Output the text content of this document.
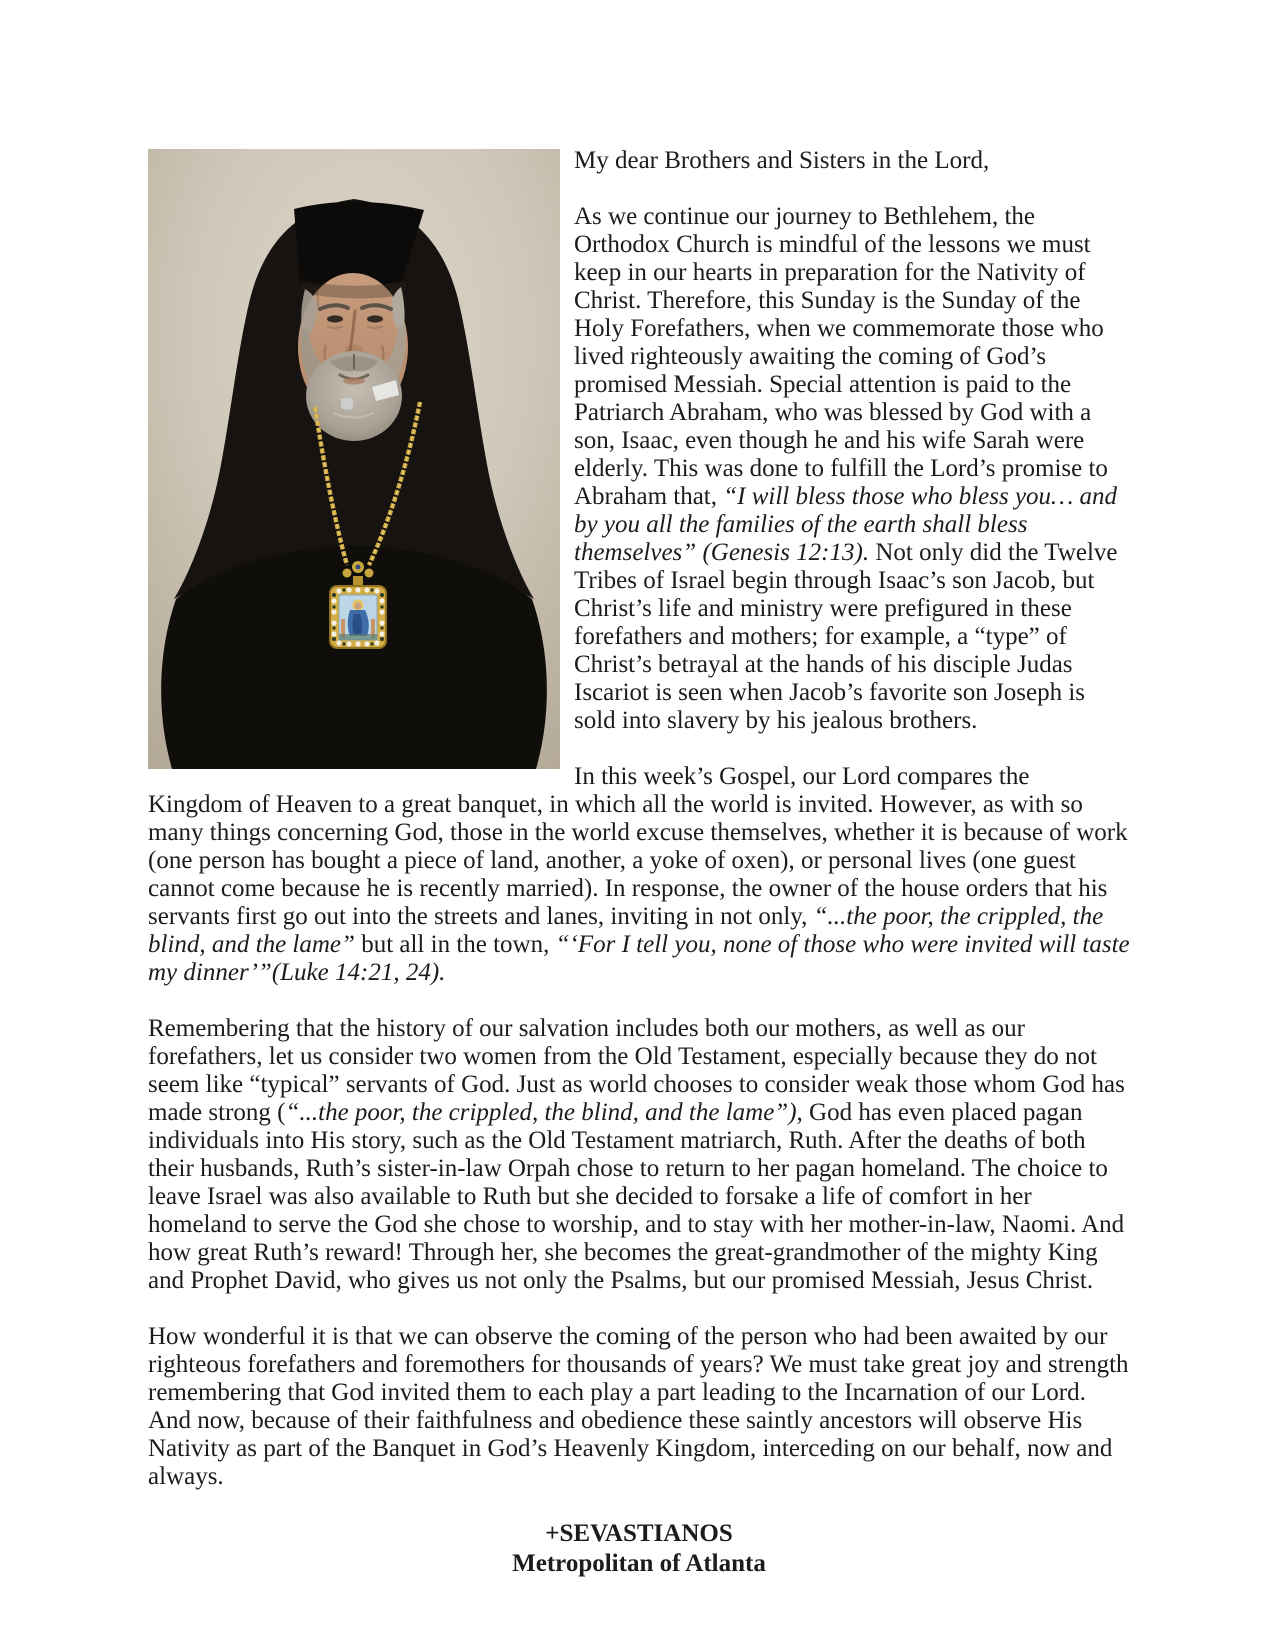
My dear Brothers and Sisters in the Lord,

As we continue our journey to Bethlehem, the Orthodox Church is mindful of the lessons we must keep in our hearts in preparation for the Nativity of Christ. Therefore, this Sunday is the Sunday of the Holy Forefathers, when we commemorate those who lived righteously awaiting the coming of God’s promised Messiah. Special attention is paid to the Patriarch Abraham, who was blessed by God with a son, Isaac, even though he and his wife Sarah were elderly. This was done to fulfill the Lord’s promise to Abraham that, “I will bless those who bless you… and by you all the families of the earth shall bless themselves” (Genesis 12:13). Not only did the Twelve Tribes of Israel begin through Isaac’s son Jacob, but Christ’s life and ministry were prefigured in these forefathers and mothers; for example, a “type” of Christ’s betrayal at the hands of his disciple Judas Iscariot is seen when Jacob’s favorite son Joseph is sold into slavery by his jealous brothers.

In this week’s Gospel, our Lord compares the Kingdom of Heaven to a great banquet, in which all the world is invited. However, as with so many things concerning God, those in the world excuse themselves, whether it is because of work (one person has bought a piece of land, another, a yoke of oxen), or personal lives (one guest cannot come because he is recently married). In response, the owner of the house orders that his servants first go out into the streets and lanes, inviting in not only, “...the poor, the crippled, the blind, and the lame” but all in the town, “‘For I tell you, none of those who were invited will taste my dinner’”(Luke 14:21, 24).

Remembering that the history of our salvation includes both our mothers, as well as our forefathers, let us consider two women from the Old Testament, especially because they do not seem like “typical” servants of God. Just as world chooses to consider weak those whom God has made strong (“...the poor, the crippled, the blind, and the lame”), God has even placed pagan individuals into His story, such as the Old Testament matriarch, Ruth. After the deaths of both their husbands, Ruth’s sister-in-law Orpah chose to return to her pagan homeland. The choice to leave Israel was also available to Ruth but she decided to forsake a life of comfort in her homeland to serve the God she chose to worship, and to stay with her mother-in-law, Naomi. And how great Ruth’s reward! Through her, she becomes the great-grandmother of the mighty King and Prophet David, who gives us not only the Psalms, but our promised Messiah, Jesus Christ.

How wonderful it is that we can observe the coming of the person who had been awaited by our righteous forefathers and foremothers for thousands of years? We must take great joy and strength remembering that God invited them to each play a part leading to the Incarnation of our Lord. And now, because of their faithfulness and obedience these saintly ancestors will observe His Nativity as part of the Banquet in God’s Heavenly Kingdom, interceding on our behalf, now and always.

+SEVASTIANOS

Metropolitan of Atlanta
